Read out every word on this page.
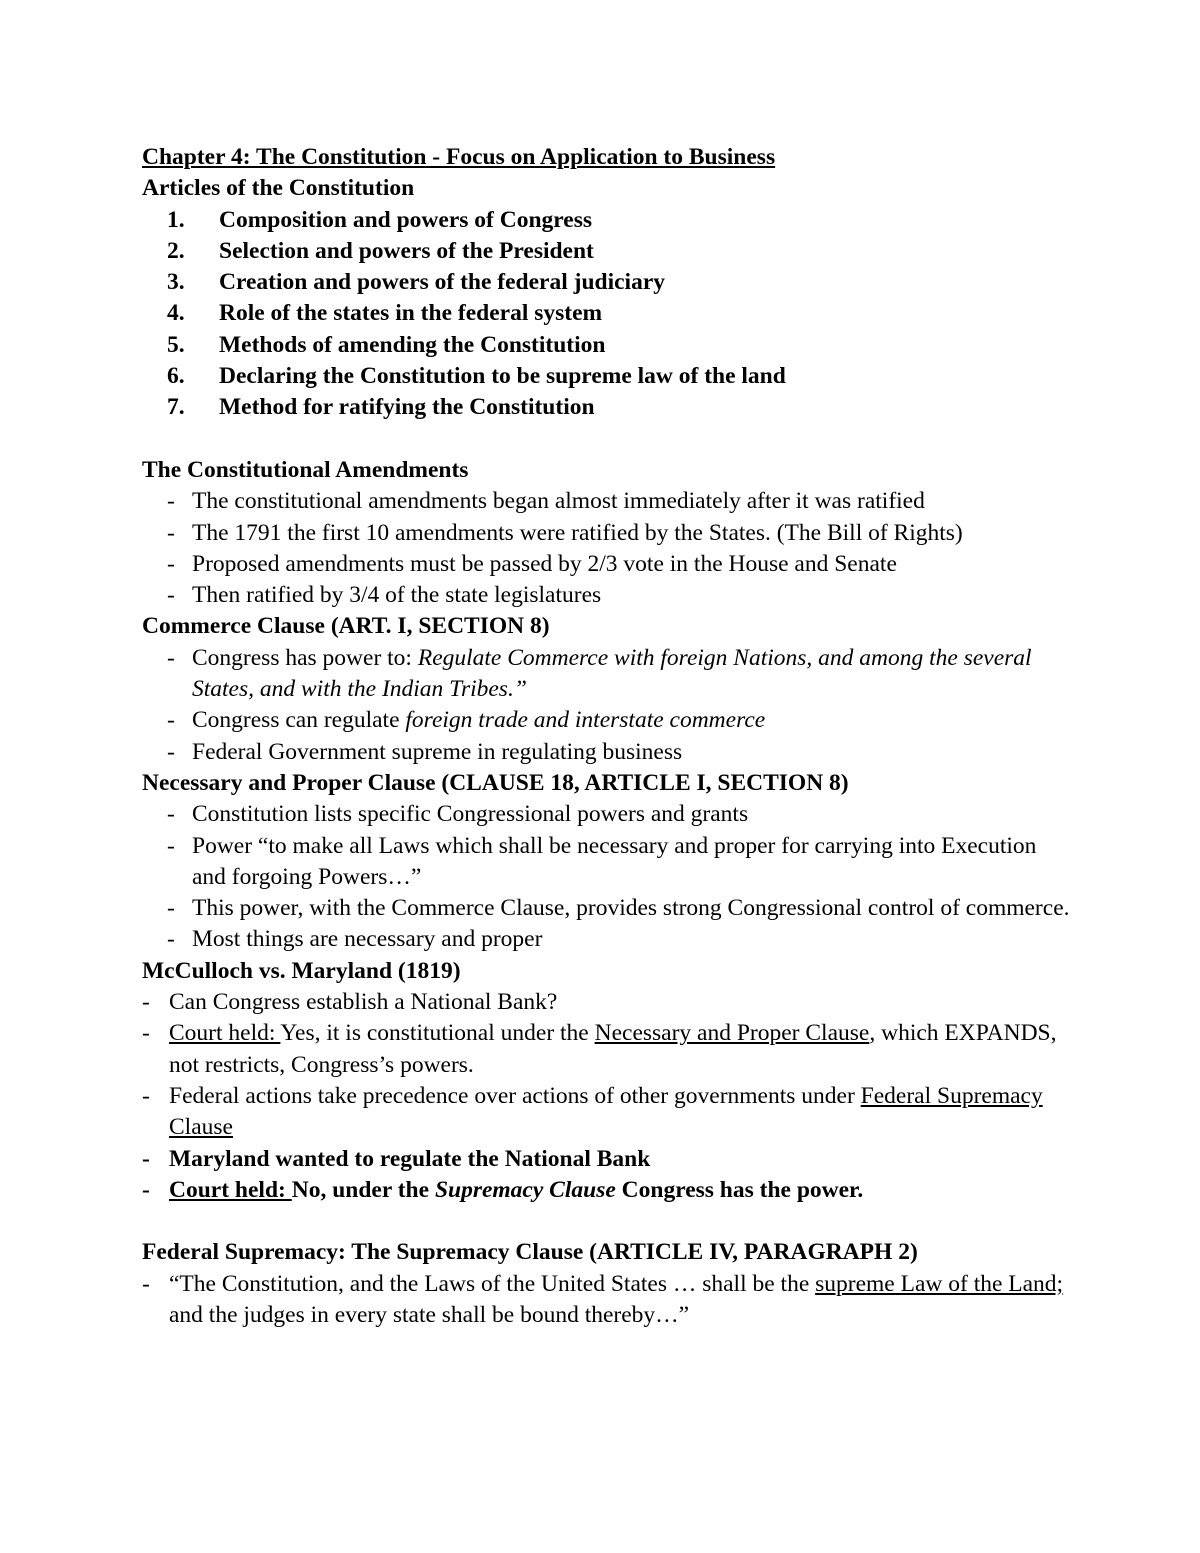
Chapter 4: The Constitution - Focus on Application to Business
Articles of the Constitution
1.	Composition and powers of Congress
2.	Selection and powers of the President
3.	Creation and powers of the federal judiciary
4.	Role of the states in the federal system
5.	Methods of amending the Constitution
6.	Declaring the Constitution to be supreme law of the land
7.	Method for ratifying the Constitution
The Constitutional Amendments
- The constitutional amendments began almost immediately after it was ratified
- The 1791 the first 10 amendments were ratified by the States. (The Bill of Rights)
- Proposed amendments must be passed by 2/3 vote in the House and Senate
- Then ratified by 3/4 of the state legislatures
Commerce Clause (ART. I, SECTION 8)
- Congress has power to: Regulate Commerce with foreign Nations, and among the several States, and with the Indian Tribes.”
- Congress can regulate foreign trade and interstate commerce
- Federal Government supreme in regulating business
Necessary and Proper Clause (CLAUSE 18, ARTICLE I, SECTION 8)
- Constitution lists specific Congressional powers and grants
- Power “to make all Laws which shall be necessary and proper for carrying into Execution and forgoing Powers…”
- This power, with the Commerce Clause, provides strong Congressional control of commerce.
- Most things are necessary and proper
McCulloch vs. Maryland (1819)
- Can Congress establish a National Bank?
- Court held: Yes, it is constitutional under the Necessary and Proper Clause, which EXPANDS, not restricts, Congress’s powers.
- Federal actions take precedence over actions of other governments under Federal Supremacy Clause
- Maryland wanted to regulate the National Bank
- Court held: No, under the Supremacy Clause Congress has the power.
Federal Supremacy: The Supremacy Clause (ARTICLE IV, PARAGRAPH 2)
- “The Constitution, and the Laws of the United States … shall be the supreme Law of the Land; and the judges in every state shall be bound thereby…”
